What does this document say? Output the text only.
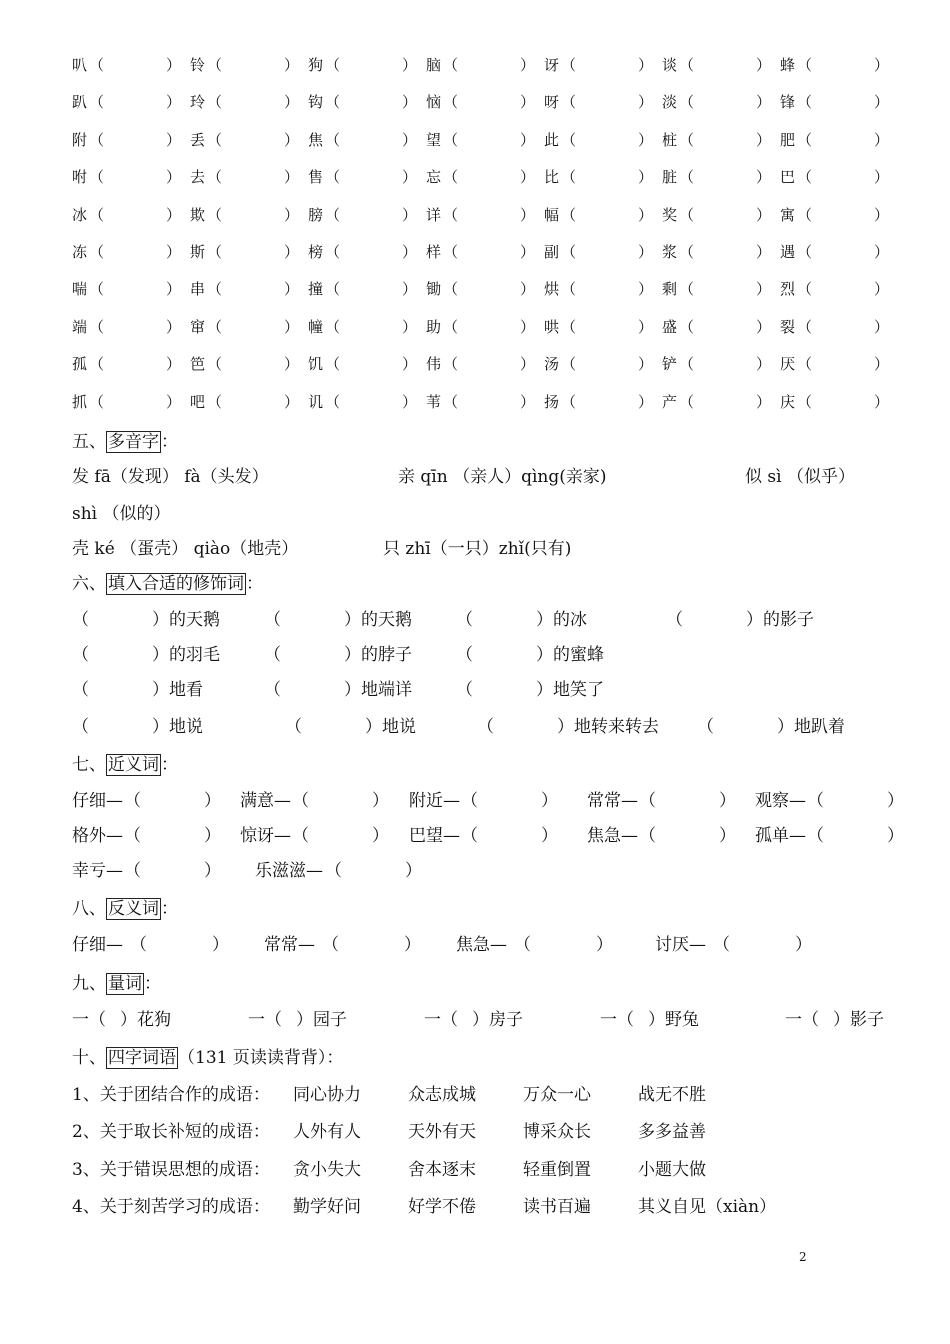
叭 （	） 铃 （	） 狗 （	） 脑 （	） 讶 （	） 谈 （	） 蜂 （	）
趴 （	） 玲 （	） 钩 （	） 恼 （	） 呀 （	） 淡 （	） 锋 （	）
附 （	） 丢 （	） 焦 （	） 望 （	） 此 （	） 桩 （	） 肥 （	）
咐 （	） 去 （	） 售 （	） 忘 （	） 比 （	） 脏 （	） 巴 （	）
冰 （	） 欺 （	） 膀 （	） 详 （	） 幅 （	） 奖 （	） 寓 （	）
冻 （	） 斯 （	） 榜 （	） 样 （	） 副 （	） 浆 （	） 遇 （	）
喘 （	） 串 （	） 撞 （	） 锄 （	） 烘 （	） 剩 （	） 烈 （	）
端 （	） 窜 （	） 幢 （	） 助 （	） 哄 （	） 盛 （	） 裂 （	）
孤 （	） 笆 （	） 饥 （	） 伟 （	） 汤 （	） 铲 （	） 厌 （	）
抓 （	） 吧 （	） 讥 （	） 苇 （	） 扬 （	） 产 （	） 庆 （	）
五、 多音字 ：
发 fā（发现） fà（头发）	亲 qīn （亲人）qìng(亲家)	似 sì （似乎）
shì （似的）
壳 ké （蛋壳） qiào（地壳）	只 zhī（一只）zhǐ(只有)
六、 填入合适的修饰词 ：
（	） 的天鹅	（	） 的天鹅	（	） 的冰	（	） 的影子
（	） 的羽毛	（	） 的脖子	（	） 的蜜蜂
（	） 地看	（	） 地端详	（	） 地笑了
（	） 地说	（	） 地说	（	） 地转来转去 （	） 地趴着
七、 近义词 ：
仔细— （	） 满意— （	） 附近— （	） 常常— （	） 观察— （	）
格外— （	） 惊讶— （	） 巴望— （	） 焦急— （	） 孤单— （	）
幸亏— （	） 乐滋滋— （	）
八、 反义词 ：
仔细— （	） 常常— （	） 焦急— （	） 讨厌— （	）
九、 量词 ：
一 （ ） 花狗	一 （ ） 园子	一 （ ） 房子	一 （ ） 野兔	一 （ ） 影子
十、 四字词语 （131 页读读背背）：
1、关于团结合作的成语： 同心协力	众志成城	万众一心	战无不胜
2、关于取长补短的成语： 人外有人	天外有天	博采众长	多多益善
3、关于错误思想的成语： 贪小失大	舍本逐末	轻重倒置	小题大做
4、关于刻苦学习的成语： 勤学好问	好学不倦	读书百遍	其义自见（xiàn）
2
